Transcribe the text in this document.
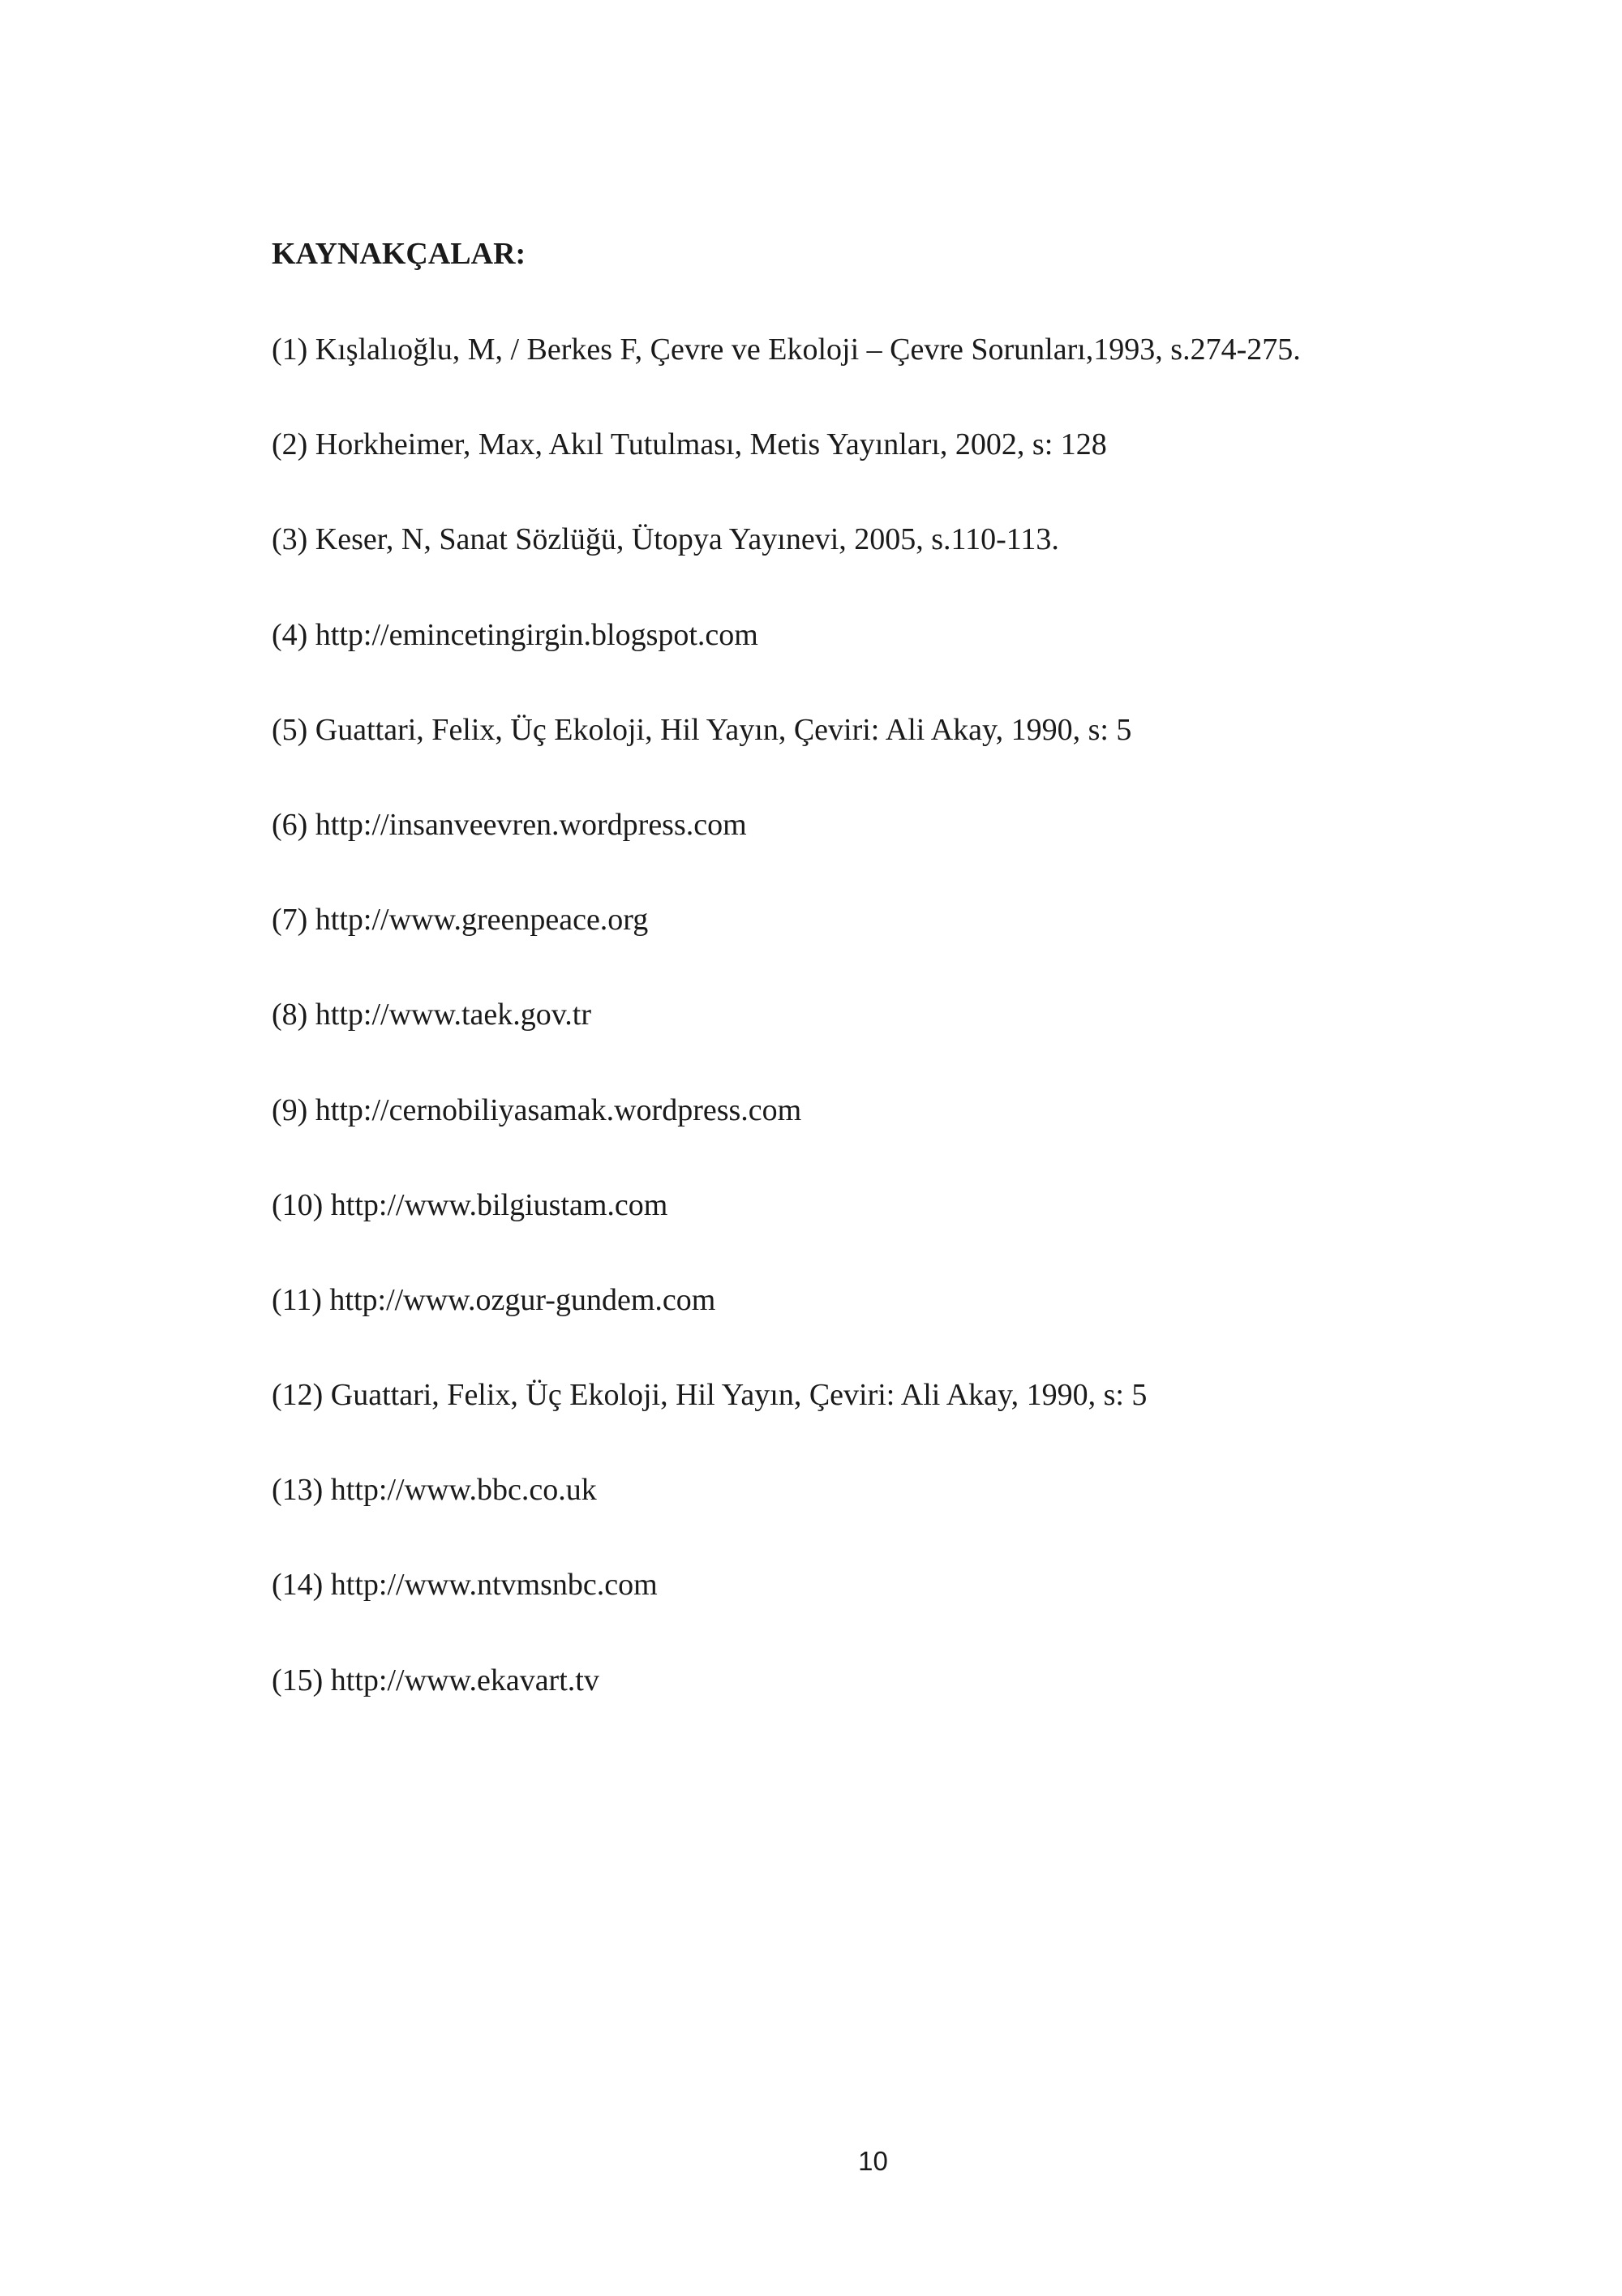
KAYNAKÇALAR:
(1) Kışlalıoğlu, M, / Berkes F, Çevre ve Ekoloji – Çevre Sorunları,1993, s.274-275.
(2) Horkheimer, Max, Akıl Tutulması, Metis Yayınları, 2002, s: 128
(3) Keser, N, Sanat Sözlüğü, Ütopya Yayınevi, 2005, s.110-113.
(4) http://emincetingirgin.blogspot.com
(5) Guattari, Felix, Üç Ekoloji, Hil Yayın, Çeviri: Ali Akay, 1990, s: 5
(6) http://insanveevren.wordpress.com
(7) http://www.greenpeace.org
(8) http://www.taek.gov.tr
(9) http://cernobiliyasamak.wordpress.com
(10) http://www.bilgiustam.com
(11) http://www.ozgur-gundem.com
(12) Guattari, Felix, Üç Ekoloji, Hil Yayın, Çeviri: Ali Akay, 1990, s: 5
(13) http://www.bbc.co.uk
(14) http://www.ntvmsnbc.com
(15) http://www.ekavart.tv
10
